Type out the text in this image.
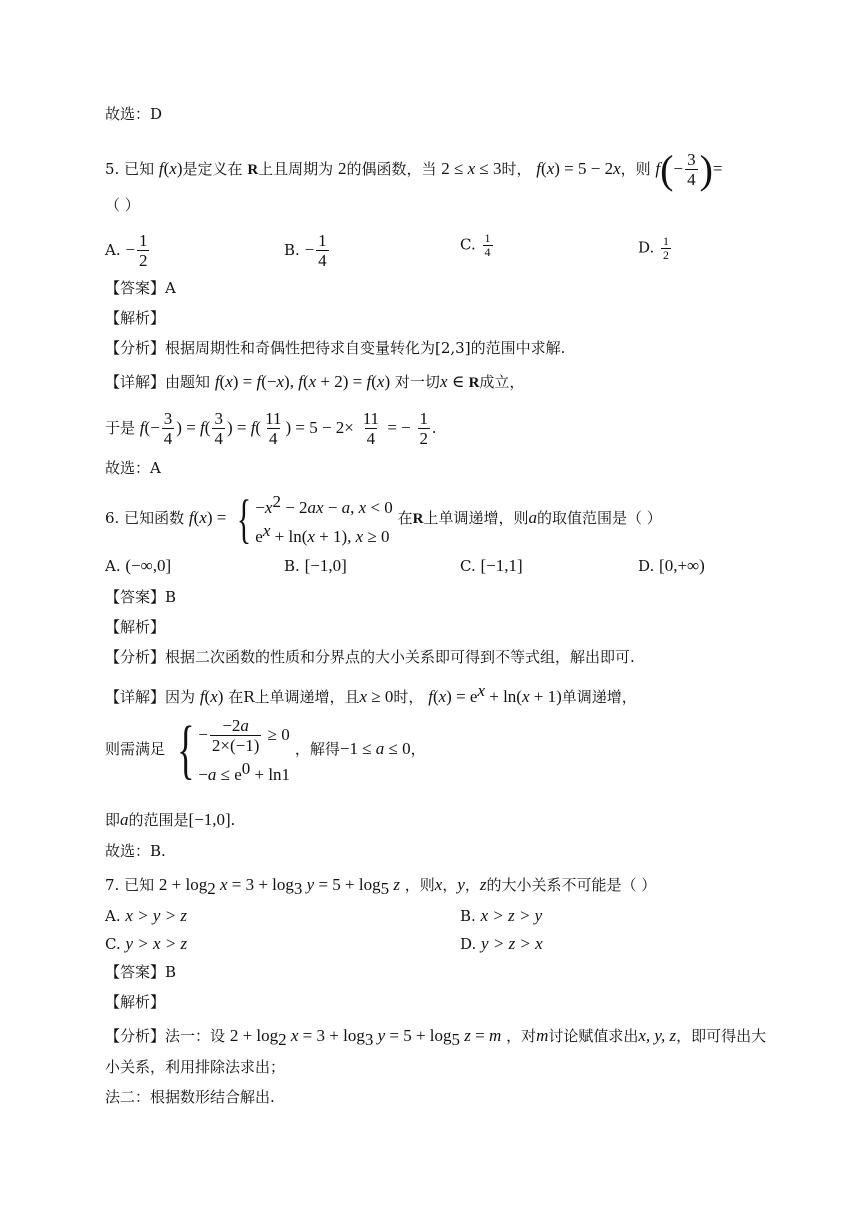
故选：D
5. 已知 f(x)是定义在 R上且周期为 2的偶函数，当 2 ≤ x ≤ 3时， f(x) = 5 − 2x，则 $f(- \frac{3}{4}$ )=
（ ）
A. − $\frac{1}{2}$	B. − $\frac{1}{4}$	C. $\frac{1}{4}$	D. $\frac{1}{2}$
【答案】A
【解析】
【分析】根据周期性和奇偶性把待求自变量转化为[2,3]的范围中求解.
【详解】由题知 f(x) = f(−x), f(x + 2) = f(x) 对一切x ∈ R成立，
于是 $f(- \frac{3}{4}$ ) = $f( \frac{3}{4}$ ) = $f( \frac{11}{4}$ ) = $5 - 2\times \frac{11}{4}$ = − $\frac{1}{2}$ .
故选：A
6. 已知函数 f(x) = { $-x^2 - 2ax - a$, x < 0
$e^x + \ln(x + 1)$, x ≥ 0
在R上单调递增，则a的取值范围是（ ）
A. (−∞,0]	B. [−1,0]	C. [−1,1]	D. [0,+∞)
【答案】B
【解析】
【分析】根据二次函数的性质和分界点的大小关系即可得到不等式组，解出即可.
【详解】因为 f(x) 在R上单调递增，且x ≥ 0时， $f(x) = e^x + \ln(x + 1)$单调递增，
则需满足 { − $\frac{-2a}{2\times(-1)} \ge 0$
$-a \le e^0 + \ln 1$
，解得−1 ≤ a ≤ 0，
即a的范围是[−1,0].
故选：B.
7. 已知 $2 + \log_2 x = 3 + \log_3 y = 5 + \log_5 z$ ，则x，y，z的大小关系不可能是（ ）
A. x > y > z	B. x > z > y
C. y > x > z	D. y > z > x
【答案】B
【解析】
【分析】法一：设 $2 + \log_2 x = 3 + \log_3 y = 5 + \log_5 z = m$ ，对m讨论赋值求出x, y, z，即可得出大
小关系，利用排除法求出；
法二：根据数形结合解出.
